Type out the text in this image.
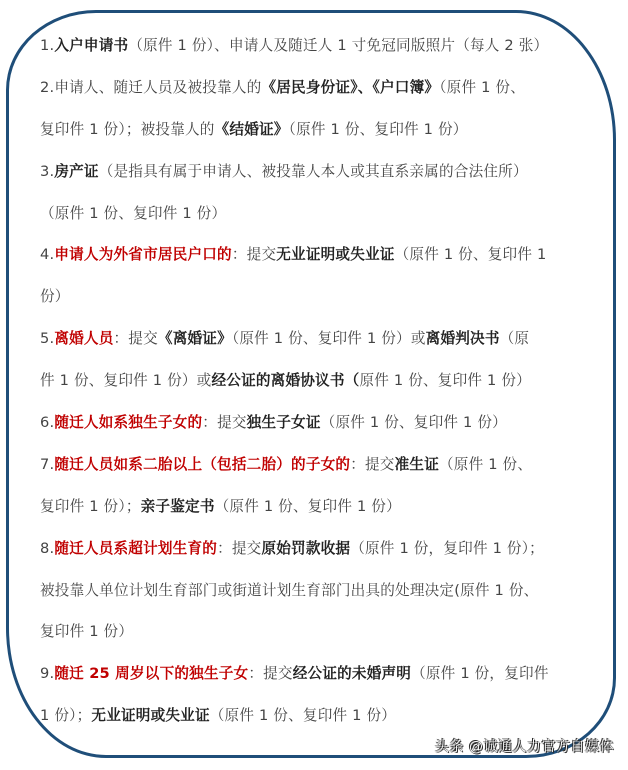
1.入户申请书（原件 1 份）、申请人及随迁人 1 寸免冠同版照片（每人 2 张）
2.申请人、随迁人员及被投靠人的《居民身份证》、《户口簿》（原件 1 份、
复印件 1 份）；被投靠人的《结婚证》（原件 1 份、复印件 1 份）
3.房产证（是指具有属于申请人、被投靠人本人或其直系亲属的合法住所）
（原件 1 份、复印件 1 份）
4.申请人为外省市居民户口的：提交无业证明或失业证（原件 1 份、复印件 1
份）
5.离婚人员：提交《离婚证》（原件 1 份、复印件 1 份）或离婚判决书（原
件 1 份、复印件 1 份）或经公证的离婚协议书（原件 1 份、复印件 1 份）
6.随迁人如系独生子女的：提交独生子女证（原件 1 份、复印件 1 份）
7.随迁人员如系二胎以上（包括二胎）的子女的：提交准生证（原件 1 份、
复印件 1 份）；亲子鉴定书（原件 1 份、复印件 1 份）
8.随迁人员系超计划生育的：提交原始罚款收据（原件 1 份，复印件 1 份）；
被投靠人单位计划生育部门或街道计划生育部门出具的处理决定(原件 1 份、
复印件 1 份）
9.随迁 25 周岁以下的独生子女：提交经公证的未婚声明（原件 1 份，复印件
1 份）；无业证明或失业证（原件 1 份、复印件 1 份）
头条 @诚通人力官方自媒体
